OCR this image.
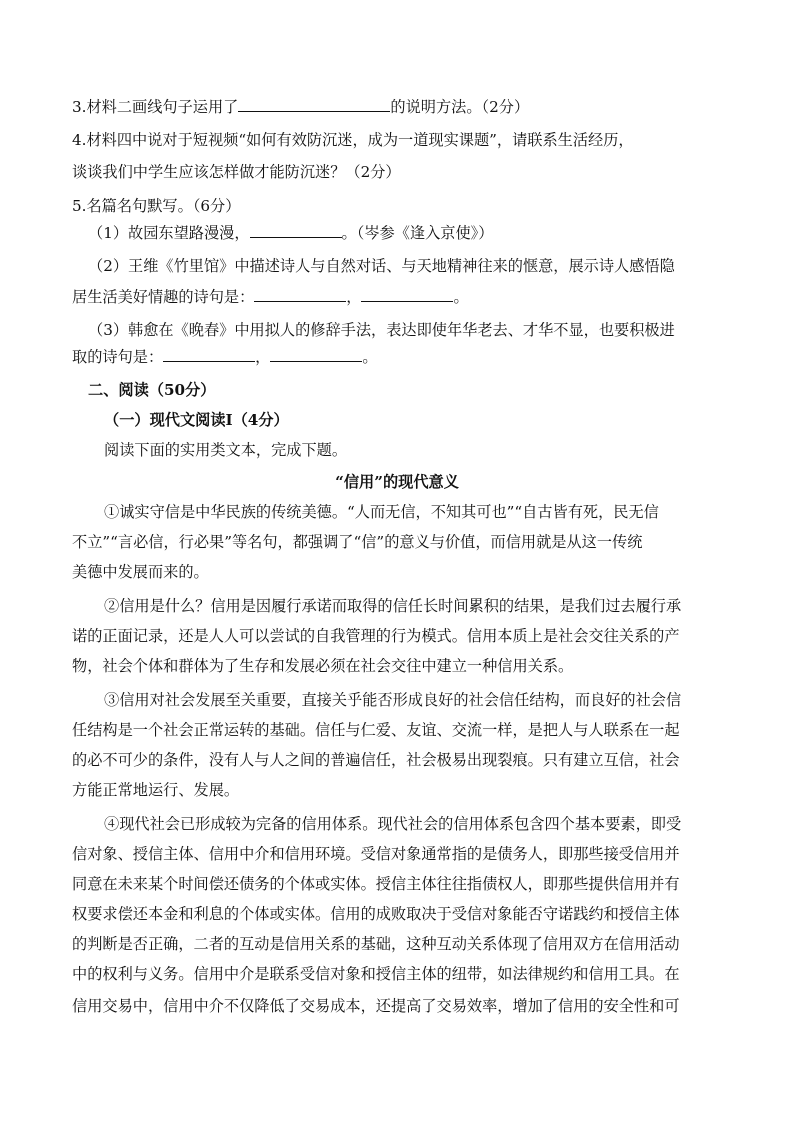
3.材料二画线句子运用了	的说明方法。（2分）
4.材料四中说对于短视频“如何有效防沉迷，成为一道现实课题”，请联系生活经历，
谈谈我们中学生应该怎样做才能防沉迷？（2分）
5.名篇名句默写。（6分）
（1）故园东望路漫漫，	。（岑参《逢入京使》）
（2）王维《竹里馆》中描述诗人与自然对话、与天地精神往来的惬意，展示诗人感悟隐
居生活美好情趣的诗句是：	，	。
（3）韩愈在《晚春》中用拟人的修辞手法，表达即使年华老去、才华不显，也要积极进
取的诗句是：	，	。
二、阅读（50分）
（一）现代文阅读Ⅰ（4分）
阅读下面的实用类文本，完成下题。
“信用”的现代意义
①诚实守信是中华民族的传统美德。“人而无信，不知其可也”“自古皆有死，民无信
不立”“言必信，行必果”等名句，都强调了“信”的意义与价值，而信用就是从这一传统
美德中发展而来的。
②信用是什么？信用是因履行承诺而取得的信任长时间累积的结果，是我们过去履行承
诺的正面记录，还是人人可以尝试的自我管理的行为模式。信用本质上是社会交往关系的产
物，社会个体和群体为了生存和发展必须在社会交往中建立一种信用关系。
③信用对社会发展至关重要，直接关乎能否形成良好的社会信任结构，而良好的社会信
任结构是一个社会正常运转的基础。信任与仁爱、友谊、交流一样，是把人与人联系在一起
的必不可少的条件，没有人与人之间的普遍信任，社会极易出现裂痕。只有建立互信，社会
方能正常地运行、发展。
④现代社会已形成较为完备的信用体系。现代社会的信用体系包含四个基本要素，即受
信对象、授信主体、信用中介和信用环境。受信对象通常指的是债务人，即那些接受信用并
同意在未来某个时间偿还债务的个体或实体。授信主体往往指债权人，即那些提供信用并有
权要求偿还本金和利息的个体或实体。信用的成败取决于受信对象能否守诺践约和授信主体
的判断是否正确，二者的互动是信用关系的基础，这种互动关系体现了信用双方在信用活动
中的权利与义务。信用中介是联系受信对象和授信主体的纽带，如法律规约和信用工具。在
信用交易中，信用中介不仅降低了交易成本，还提高了交易效率，增加了信用的安全性和可
